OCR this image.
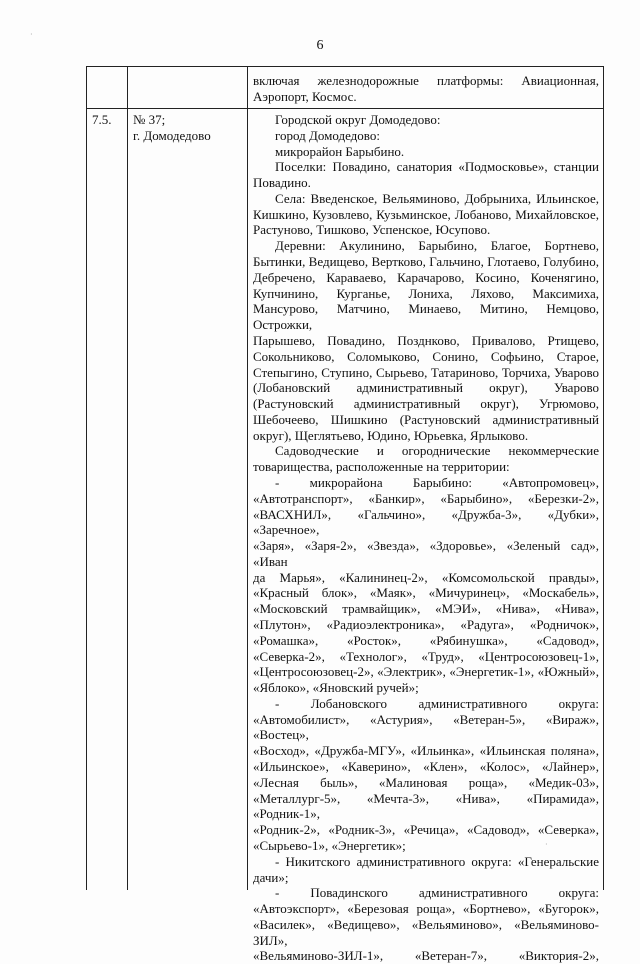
6

включая железнодорожные платформы: Авиационная,

Аэропорт, Космос.

7.5. № 37;
г. Домодедово

Городской округ Домодедово:

город Домодедово:

микрорайон Барыбино.

Поселки: Повадино, санатория «Подмосковье», станции

Повадино.

Села: Введенское, Вельяминово, Добрыниха, Ильинское,

Кишкино, Кузовлево, Кузьминское, Лобаново, Михайловское,

Растуново, Тишково, Успенское, Юсупово.

Деревни: Акулинино, Барыбино, Благое, Бортнево,

Бытинки, Ведищево, Вертково, Гальчино, Глотаево, Голубино,

Дебречено, Караваево, Карачарово, Косино, Коченягино,

Купчинино, Курганье, Лониха, Ляхово, Максимиха,

Мансурово, Матчино, Минаево, Митино, Немцово, Острожки,

Парышево, Повадино, Позднково, Привалово, Ртищево,

Сокольниково, Соломыково, Сонино, Софьино, Старое,

Степыгино, Ступино, Сырьево, Татариново, Торчиха, Уварово

(Лобановский административный округ), Уварово

(Растуновский административный округ), Угрюмово,

Шебочеево, Шишкино (Растуновский административный

округ), Щеглятьево, Юдино, Юрьевка, Ярлыково.

Садоводческие и огороднические некоммерческие

товарищества, расположенные на территории:

- микрорайона Барыбино: «Автопромовец»,

«Автотранспорт», «Банкир», «Барыбино», «Березки-2»,

«ВАСХНИЛ», «Гальчино», «Дружба-3», «Дубки», «Заречное»,

«Заря», «Заря-2», «Звезда», «Здоровье», «Зеленый сад», «Иван

да Марья», «Калининец-2», «Комсомольской правды»,

«Красный блок», «Маяк», «Мичуринец», «Москабель»,

«Московский трамвайщик», «МЭИ», «Нива», «Нива»,

«Плутон», «Радиоэлектроника», «Радуга», «Родничок»,

«Ромашка», «Росток», «Рябинушка», «Садовод»,

«Северка-2», «Технолог», «Труд», «Центросоюзовец-1»,

«Центросоюзовец-2», «Электрик», «Энергетик-1», «Южный»,

«Яблоко», «Яновский ручей»;

- Лобановского административного округа:

«Автомобилист», «Астурия», «Ветеран-5», «Вираж», «Востец»,

«Восход», «Дружба-МГУ», «Ильинка», «Ильинская поляна»,

«Ильинское», «Каверино», «Клен», «Колос», «Лайнер»,

«Лесная быль», «Малиновая роща», «Медик-03»,

«Металлург-5», «Мечта-3», «Нива», «Пирамида», «Родник-1»,

«Родник-2», «Родник-3», «Речица», «Садовод», «Северка»,

«Сырьево-1», «Энергетик»;

- Никитского административного округа: «Генеральские

дачи»;

- Повадинского административного округа:

«Автоэкспорт», «Березовая роща», «Бортнево», «Бугорок»,

«Василек», «Ведищево», «Вельяминово», «Вельяминово-ЗИЛ»,

«Вельяминово-ЗИЛ-1», «Ветеран-7», «Виктория-2»,

·
·
